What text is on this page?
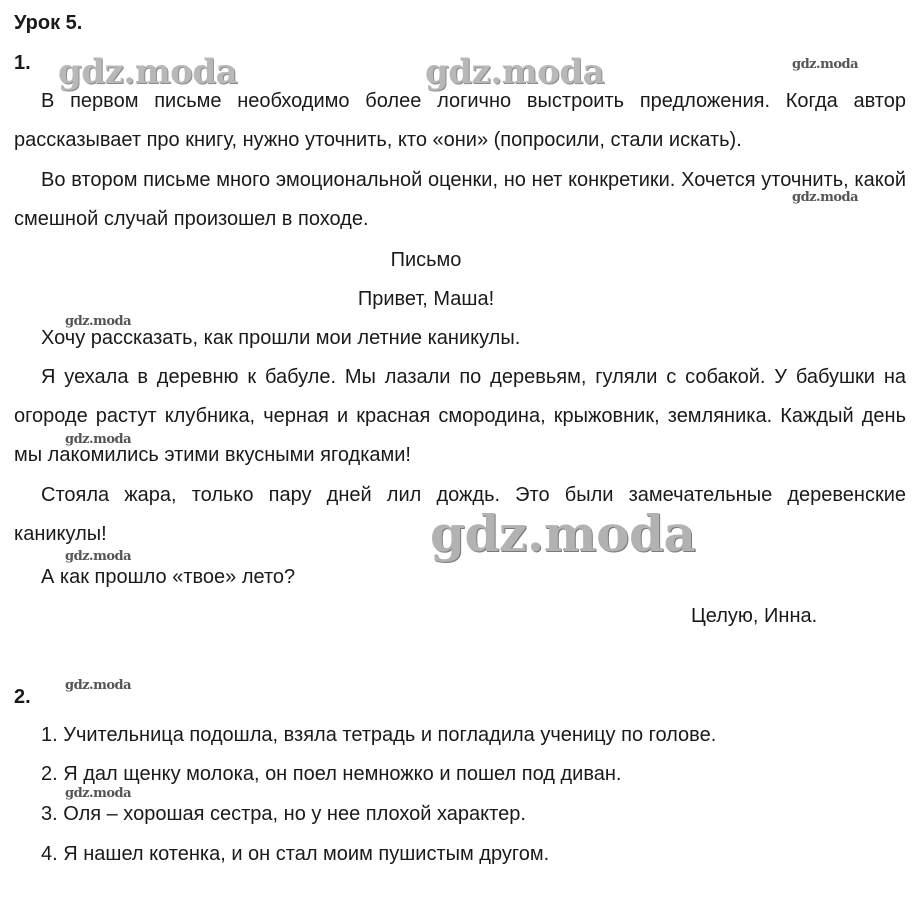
Урок 5.
1.

В первом письме необходимо более логично выстроить предложения. Когда автор рассказывает про книгу, нужно уточнить, кто «они» (попросили, стали искать).

Во втором письме много эмоциональной оценки, но нет конкретики. Хочется уточнить, какой смешной случай произошел в походе.

Письмо
Привет, Маша!
Хочу рассказать, как прошли мои летние каникулы.

Я уехала в деревню к бабуле. Мы лазали по деревьям, гуляли с собакой. У бабушки на огороде растут клубника, черная и красная смородина, крыжовник, земляника. Каждый день мы лакомились этими вкусными ягодками!

Стояла жара, только пару дней лил дождь. Это были замечательные деревенские каникулы!

А как прошло «твое» лето?
Целую, Инна.
2.
1. Учительница подошла, взяла тетрадь и погладила ученицу по голове.
2. Я дал щенку молока, он поел немножко и пошел под диван.
3. Оля – хорошая сестра, но у нее плохой характер.
4. Я нашел котенка, и он стал моим пушистым другом.
gdz.moda	gdz.moda	gdz.moda
gdz.moda
gdz.moda
gdz.moda
gdz.moda
gdz.moda
gdz.moda
gdz.moda
